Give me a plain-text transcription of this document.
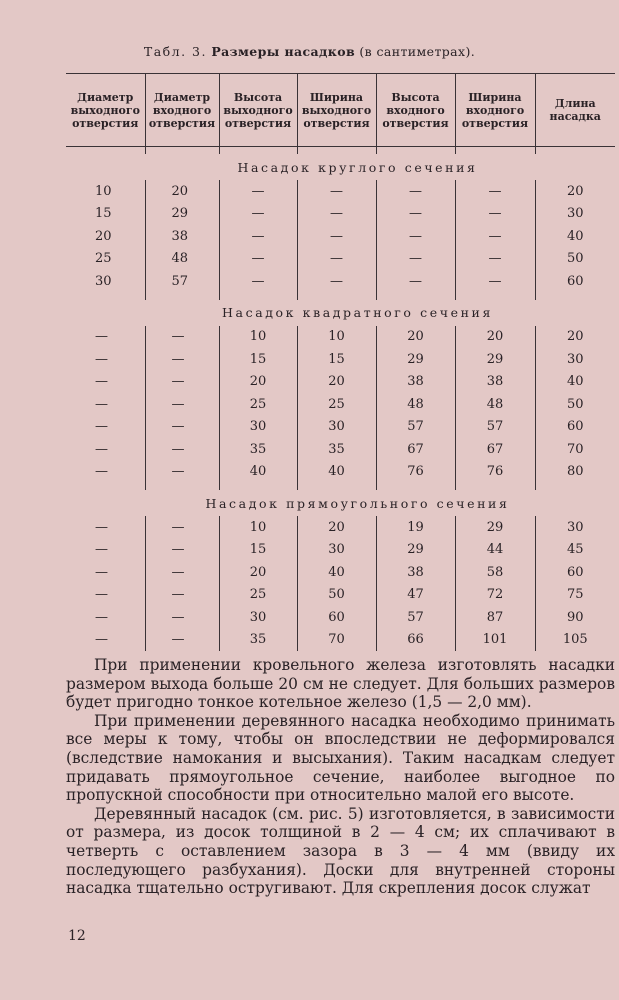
Табл. 3. Размеры насадков (в сантиметрах).
Диаметр выходного отверстия	Диаметр входного отверстия	Высота выходного отверстия	Ширина выходного отверстия	Высота входного отверстия	Ширина входного отверстия	Длина насадка

Насадок круглого сечения						
10	20	—	—	—	—	20
15	29	—	—	—	—	30
20	38	—	—	—	—	40
25	48	—	—	—	—	50
30	57	—	—	—	—	60

Насадок квадратного сечения						
—	—	10	10	20	20	20
—	—	15	15	29	29	30
—	—	20	20	38	38	40
—	—	25	25	48	48	50
—	—	30	30	57	57	60
—	—	35	35	67	67	70
—	—	40	40	76	76	80

Насадок прямоугольного сечения						
—	—	10	20	19	29	30
—	—	15	30	29	44	45
—	—	20	40	38	58	60
—	—	25	50	47	72	75
—	—	30	60	57	87	90
—	—	35	70	66	101	105

При применении кровельного железа изготовлять насадки размером выхода больше 20 см не следует. Для больших размеров будет пригодно тонкое котельное железо (1,5 — 2,0 мм).

При применении деревянного насадка необходимо принимать все меры к тому, чтобы он впоследствии не деформировался (вследствие намокания и высыхания). Таким насадкам следует придавать прямоугольное сечение, наиболее выгодное по пропускной способности при относительно малой его высоте.

Деревянный насадок (см. рис. 5) изготовляется, в зависимости от размера, из досок толщиной в 2 — 4 см; их сплачивают в четверть с оставлением зазора в 3 — 4 мм (ввиду их последующего разбухания). Доски для внутренней стороны насадка тщательно остругивают. Для скрепления досок служат

12
